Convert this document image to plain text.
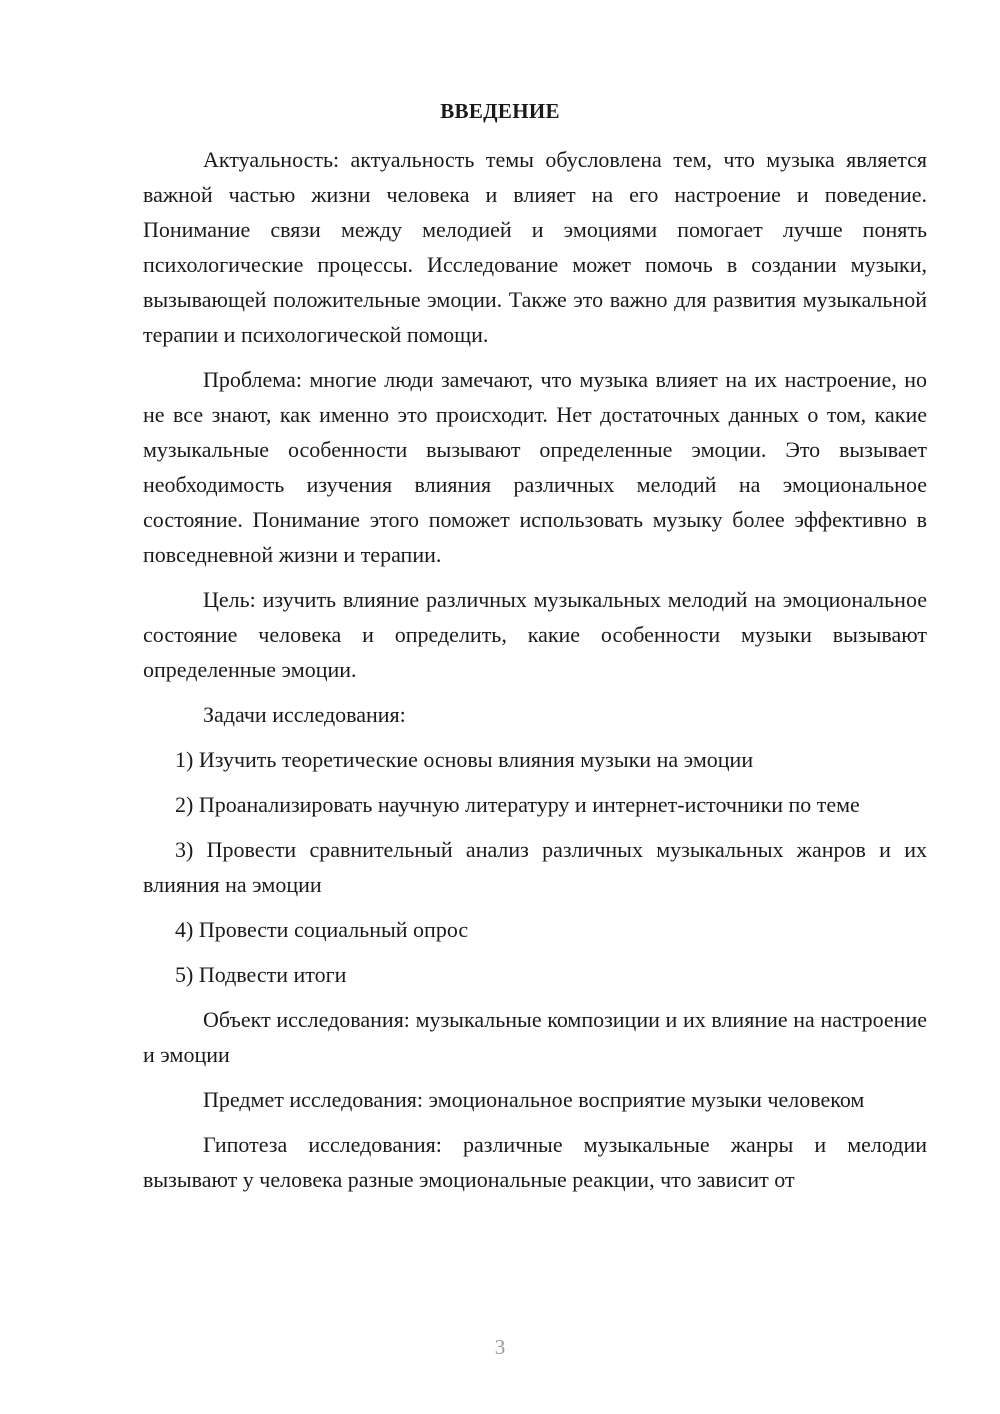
ВВЕДЕНИЕ

Актуальность: актуальность темы обусловлена тем, что музыка является важной частью жизни человека и влияет на его настроение и поведение. Понимание связи между мелодией и эмоциями помогает лучше понять психологические процессы. Исследование может помочь в создании музыки, вызывающей положительные эмоции. Также это важно для развития музыкальной терапии и психологической помощи.

Проблема: многие люди замечают, что музыка влияет на их настроение, но не все знают, как именно это происходит. Нет достаточных данных о том, какие музыкальные особенности вызывают определенные эмоции. Это вызывает необходимость изучения влияния различных мелодий на эмоциональное состояние. Понимание этого поможет использовать музыку более эффективно в повседневной жизни и терапии.

Цель: изучить влияние различных музыкальных мелодий на эмоциональное состояние человека и определить, какие особенности музыки вызывают определенные эмоции.

Задачи исследования:

1) Изучить теоретические основы влияния музыки на эмоции

2) Проанализировать научную литературу и интернет-источники по теме

3) Провести сравнительный анализ различных музыкальных жанров и их влияния на эмоции

4) Провести социальный опрос

5) Подвести итоги

Объект исследования: музыкальные композиции и их влияние на настроение и эмоции

Предмет исследования: эмоциональное восприятие музыки человеком

Гипотеза исследования: различные музыкальные жанры и мелодии вызывают у человека разные эмоциональные реакции, что зависит от

3
